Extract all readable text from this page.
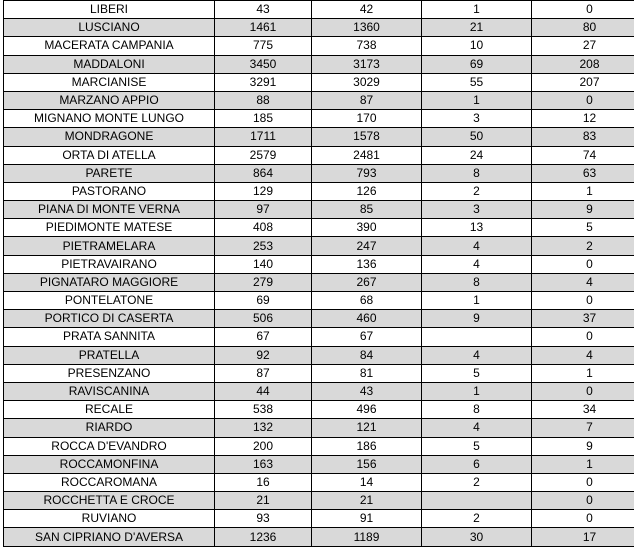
LIBERI	43	42	1	0
LUSCIANO	1461	1360	21	80
MACERATA CAMPANIA	775	738	10	27
MADDALONI	3450	3173	69	208
MARCIANISE	3291	3029	55	207
MARZANO APPIO	88	87	1	0
MIGNANO MONTE LUNGO	185	170	3	12
MONDRAGONE	1711	1578	50	83
ORTA DI ATELLA	2579	2481	24	74
PARETE	864	793	8	63
PASTORANO	129	126	2	1
PIANA DI MONTE VERNA	97	85	3	9
PIEDIMONTE MATESE	408	390	13	5
PIETRAMELARA	253	247	4	2
PIETRAVAIRANO	140	136	4	0
PIGNATARO MAGGIORE	279	267	8	4
PONTELATONE	69	68	1	0
PORTICO DI CASERTA	506	460	9	37
PRATA SANNITA	67	67		0
PRATELLA	92	84	4	4
PRESENZANO	87	81	5	1
RAVISCANINA	44	43	1	0
RECALE	538	496	8	34
RIARDO	132	121	4	7
ROCCA D'EVANDRO	200	186	5	9
ROCCAMONFINA	163	156	6	1
ROCCAROMANA	16	14	2	0
ROCCHETTA E CROCE	21	21		0
RUVIANO	93	91	2	0
SAN CIPRIANO D'AVERSA	1236	1189	30	17
